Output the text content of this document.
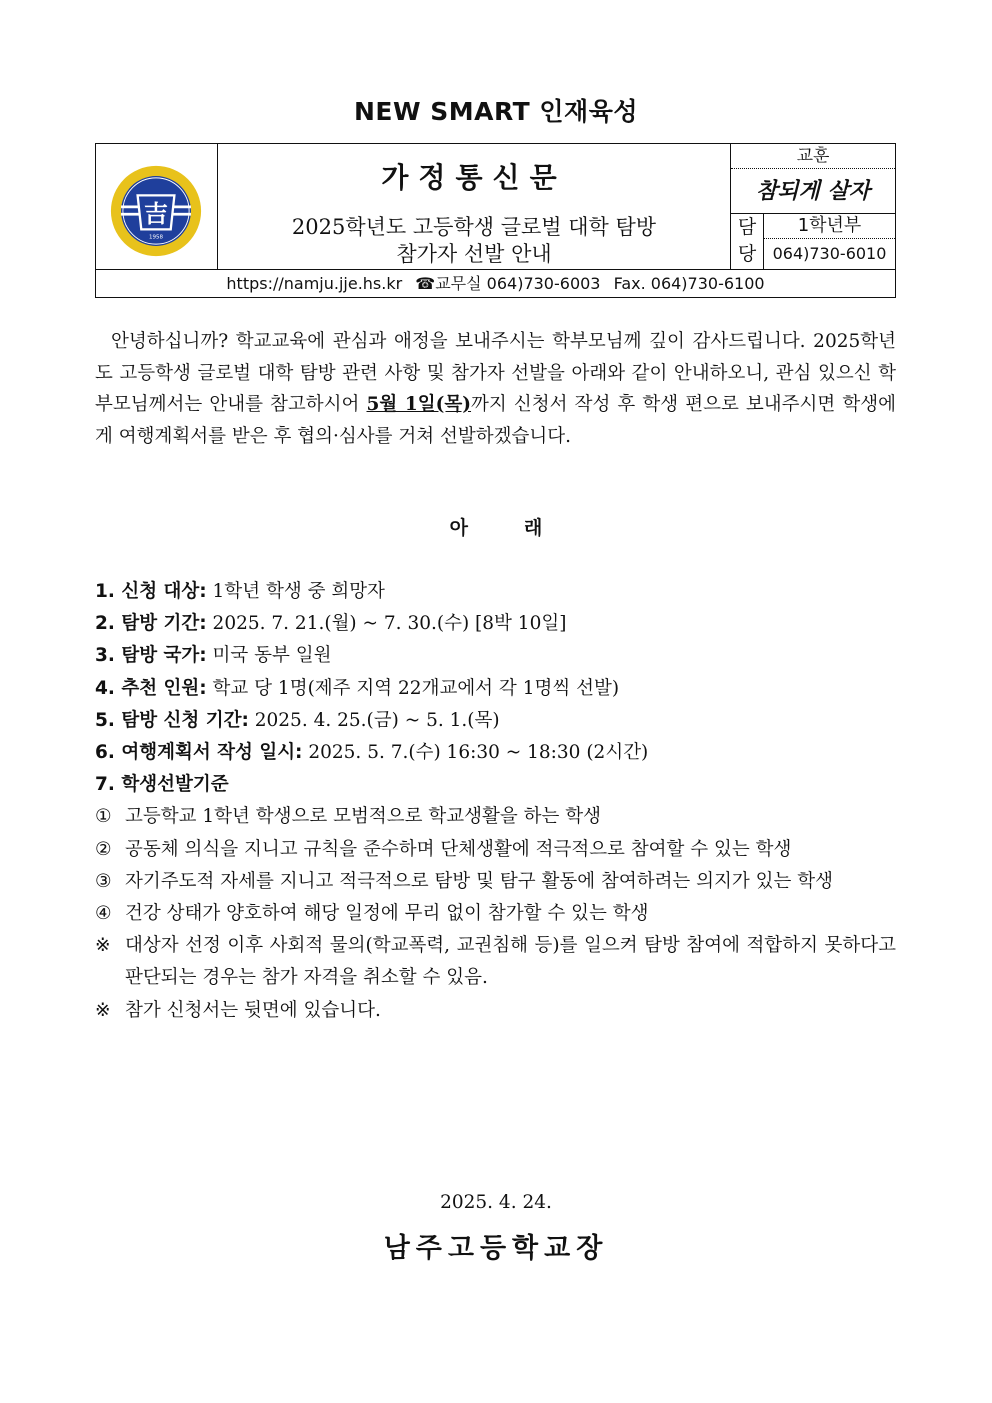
NEW SMART 인재육성
吉
1958
가정통신문
2025학년도 고등학생 글로벌 대학 탐방
참가자 선발 안내
교훈
참되게 살자
담
당
1학년부
064)730-6010
https://namju.jje.hs.kr ☎교무실 064)730-6003 Fax. 064)730-6100
안녕하십니까? 학교교육에 관심과 애정을 보내주시는 학부모님께 깊이 감사드립니다. 2025학년도 고등학생 글로벌 대학 탐방 관련 사항 및 참가자 선발을 아래와 같이 안내하오니, 관심 있으신 학부모님께서는 안내를 참고하시어 5월 1일(목)까지 신청서 작성 후 학생 편으로 보내주시면 학생에게 여행계획서를 받은 후 협의·심사를 거쳐 선발하겠습니다.
아	래
1. 신청 대상: 1학년 학생 중 희망자
2. 탐방 기간: 2025. 7. 21.(월) ~ 7. 30.(수) [8박 10일]
3. 탐방 국가: 미국 동부 일원
4. 추천 인원: 학교 당 1명(제주 지역 22개교에서 각 1명씩 선발)
5. 탐방 신청 기간: 2025. 4. 25.(금) ~ 5. 1.(목)
6. 여행계획서 작성 일시: 2025. 5. 7.(수) 16:30 ~ 18:30 (2시간)
7. 학생선발기준
① 고등학교 1학년 학생으로 모범적으로 학교생활을 하는 학생
② 공동체 의식을 지니고 규칙을 준수하며 단체생활에 적극적으로 참여할 수 있는 학생
③ 자기주도적 자세를 지니고 적극적으로 탐방 및 탐구 활동에 참여하려는 의지가 있는 학생
④ 건강 상태가 양호하여 해당 일정에 무리 없이 참가할 수 있는 학생
※ 대상자 선정 이후 사회적 물의(학교폭력, 교권침해 등)를 일으켜 탐방 참여에 적합하지 못하다고 판단되는 경우는 참가 자격을 취소할 수 있음.
※ 참가 신청서는 뒷면에 있습니다.
2025. 4. 24.
남주고등학교장
